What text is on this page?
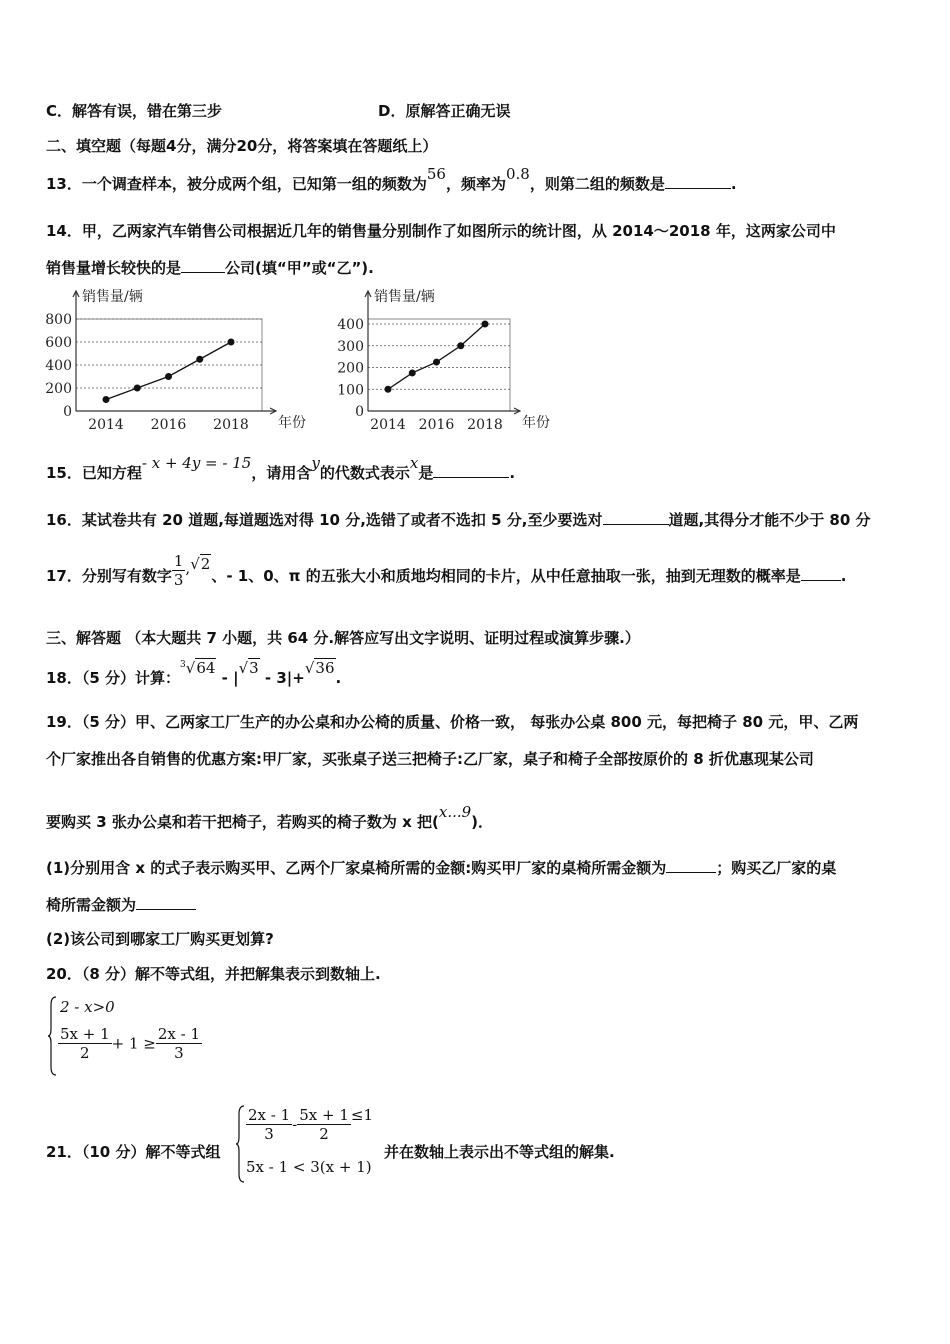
C．解答有误，错在第三步	D．原解答正确无误
二、填空题（每题4分，满分20分，将答案填在答题纸上）
13．一个调查样本，被分成两个组，已知第一组的频数为56，频率为0.8，则第二组的频数是	.
14．甲，乙两家汽车销售公司根据近几年的销售量分别制作了如图所示的统计图，从 2014～2018 年，这两家公司中
销售量增长较快的是	公司(填“甲”或“乙”).
0
200
400
600
800
销售量/辆
年份
2014 2016 2018
0
100
200
300
400
销售量/辆
年份
2014 2016 2018
15．已知方程- x + 4y = - 15，请用含y的代数式表示x是	.
16．某试卷共有 20 道题,每道题选对得 10 分,选错了或者不选扣 5 分,至少要选对	道题,其得分才能不少于 80 分
17．分别写有数字 $\frac{1}{3} ,√2$、- 1、0、π 的五张大小和质地均相同的卡片，从中任意抽取一张，抽到无理数的概率是	.
三、解答题 （本大题共 7 小题，共 64 分.解答应写出文字说明、证明过程或演算步骤.）
18．（5 分）计算：$^3$√64 - |√3 - 3|+√36.
19．（5 分）甲、乙两家工厂生产的办公桌和办公椅的质量、价格一致， 每张办公桌 800 元，每把椅子 80 元，甲、乙两
个厂家推出各自销售的优惠方案:甲厂家，买张桌子送三把椅子:乙厂家，桌子和椅子全部按原价的 8 折优惠现某公司
要购买 3 张办公桌和若干把椅子，若购买的椅子数为 x 把(x...9)．
(1)分别用含 x 的式子表示购买甲、乙两个厂家桌椅所需的金额:购买甲厂家的桌椅所需金额为	；购买乙厂家的桌
椅所需金额为
(2)该公司到哪家工厂购买更划算?
20．（8 分）解不等式组，并把解集表示到数轴上.
2 - x>0
$\frac{5x + 1}{2} + 1 \ge \frac{2x - 1}{3}$
21．（10 分）解不等式组
$\frac{2x - 1}{3} - \frac{5x + 1}{2} \le 1$
5x - 1 < 3(x + 1)
并在数轴上表示出不等式组的解集.
